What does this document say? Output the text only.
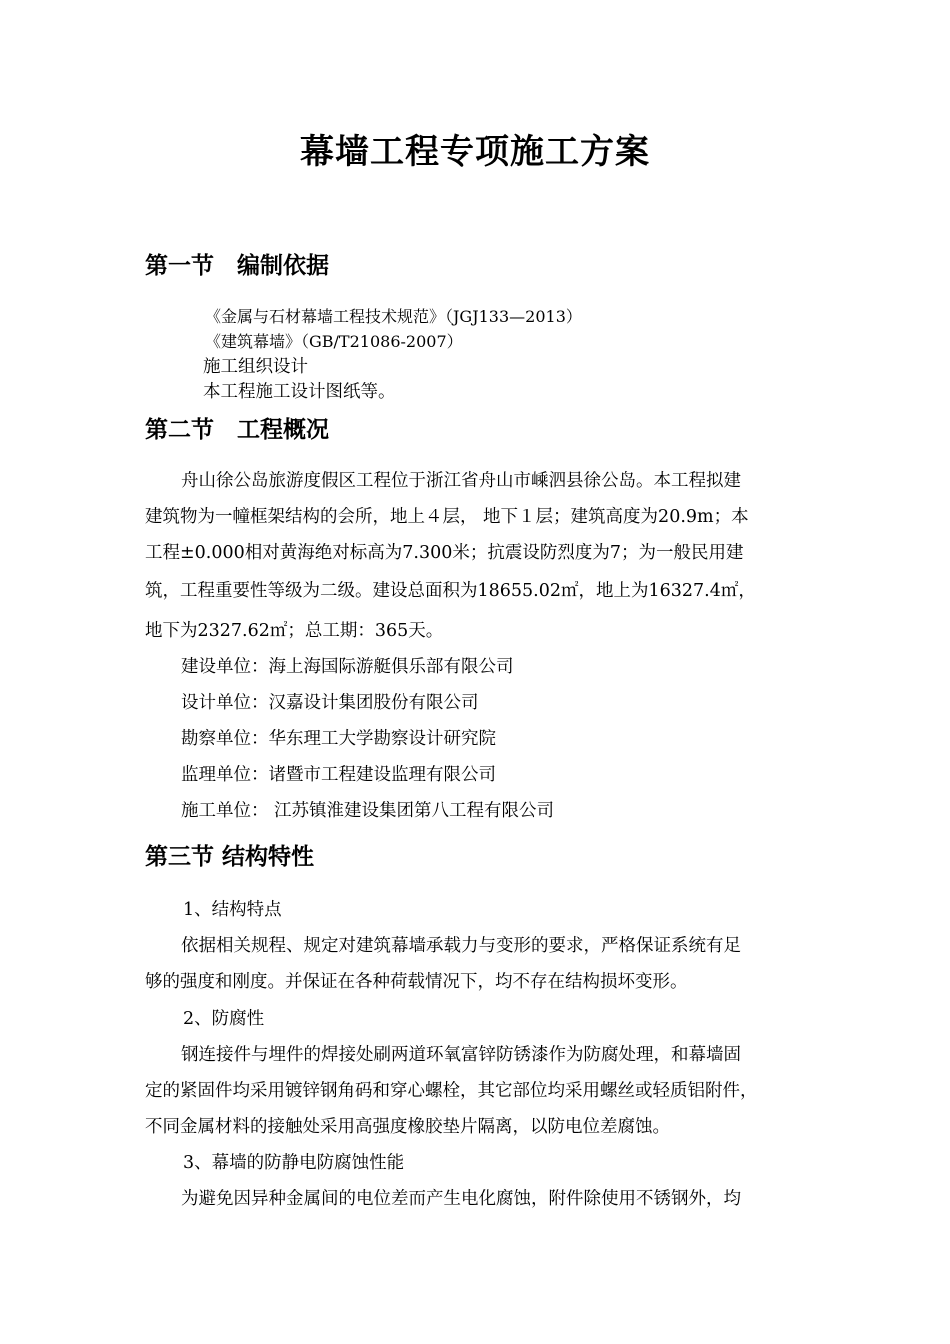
幕墙工程专项施工方案
第一节　编制依据
《金属与石材幕墙工程技术规范》（JGJ133—2013）
《建筑幕墙》（GB/T21086-2007）
施工组织设计
本工程施工设计图纸等。
第二节　工程概况
舟山徐公岛旅游度假区工程位于浙江省舟山市嵊泗县徐公岛。本工程拟建
建筑物为一幢框架结构的会所，地上４层， 地下１层；建筑高度为20.9m；本
工程±0.000相对黄海绝对标高为7.300米；抗震设防烈度为7；为一般民用建
筑，工程重要性等级为二级。建设总面积为18655.02㎡，地上为16327.4㎡，
地下为2327.62㎡；总工期：365天。
建设单位：海上海国际游艇俱乐部有限公司
设计单位：汉嘉设计集团股份有限公司
勘察单位：华东理工大学勘察设计研究院
监理单位：诸暨市工程建设监理有限公司
施工单位： 江苏镇淮建设集团第八工程有限公司
第三节 结构特性
1、结构特点
依据相关规程、规定对建筑幕墙承载力与变形的要求，严格保证系统有足
够的强度和刚度。并保证在各种荷载情况下，均不存在结构损坏变形。
2、防腐性
钢连接件与埋件的焊接处刷两道环氧富锌防锈漆作为防腐处理，和幕墙固
定的紧固件均采用镀锌钢角码和穿心螺栓，其它部位均采用螺丝或轻质铝附件，
不同金属材料的接触处采用高强度橡胶垫片隔离，以防电位差腐蚀。
3、幕墙的防静电防腐蚀性能
为避免因异种金属间的电位差而产生电化腐蚀，附件除使用不锈钢外，均
